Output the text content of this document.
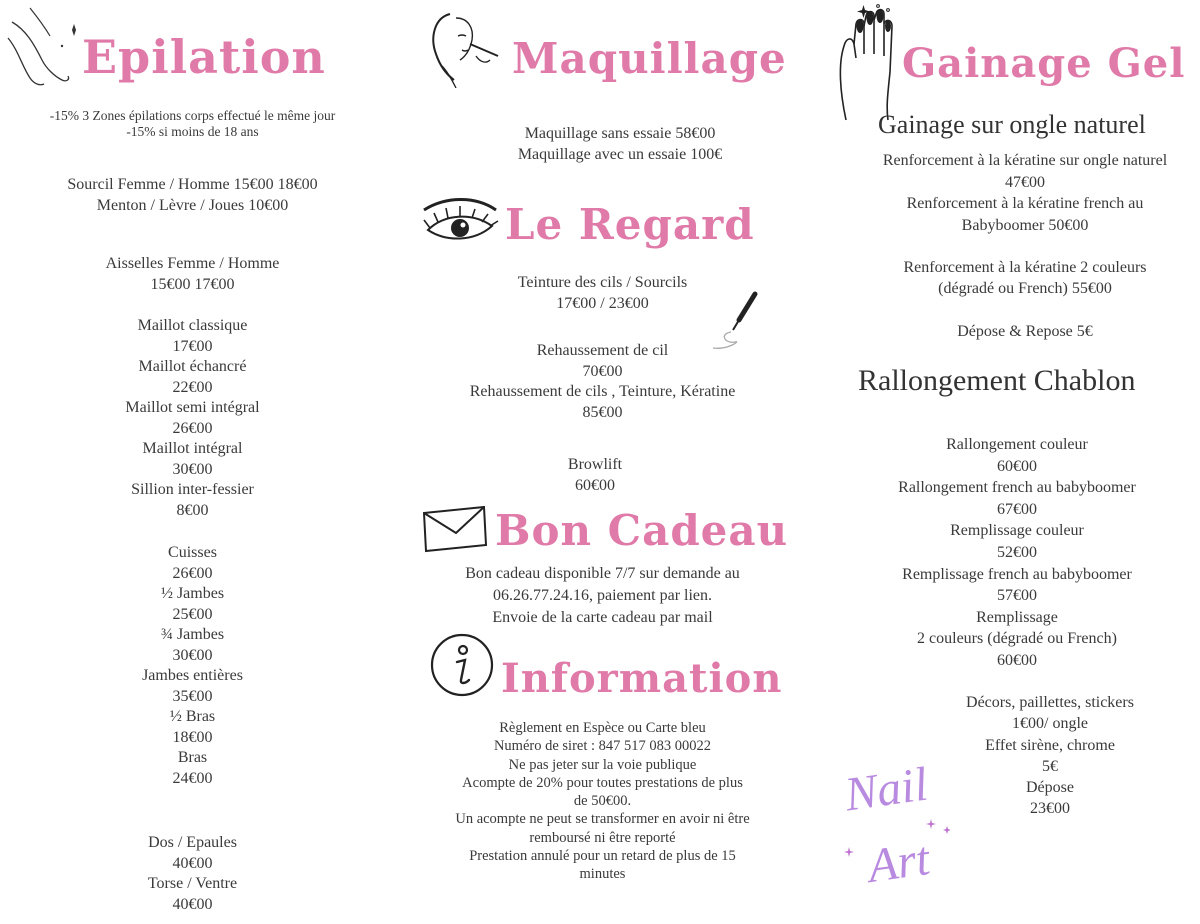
Epilation
-15% 3 Zones épilations corps effectué le même jour
-15% si moins de 18 ans
Sourcil Femme / Homme 15€00 18€00
Menton / Lèvre / Joues 10€00
Aisselles Femme / Homme
15€00 17€00
Maillot classique
17€00
Maillot échancré
22€00
Maillot semi intégral
26€00
Maillot intégral
30€00
Sillion inter-fessier
8€00
Cuisses
26€00
½ Jambes
25€00
¾ Jambes
30€00
Jambes entières
35€00
½ Bras
18€00
Bras
24€00
Dos / Epaules
40€00
Torse / Ventre
40€00
Maquillage
Maquillage sans essaie 58€00
Maquillage avec un essaie 100€
Le Regard
Teinture des cils / Sourcils
17€00 / 23€00
Rehaussement de cil
70€00
Rehaussement de cils , Teinture, Kératine
85€00
Browlift
60€00
Bon Cadeau
Bon cadeau disponible 7/7 sur demande au
06.26.77.24.16, paiement par lien.
Envoie de la carte cadeau par mail
Information
Règlement en Espèce ou Carte bleu
Numéro de siret : 847 517 083 00022
Ne pas jeter sur la voie publique
Acompte de 20% pour toutes prestations de plus
de 50€00.
Un acompte ne peut se transformer en avoir ni être
remboursé ni être reporté
Prestation annulé pour un retard de plus de 15
minutes
Gainage Gel
Gainage sur ongle naturel
Renforcement à la kératine sur ongle naturel
47€00
Renforcement à la kératine french au
Babyboomer 50€00
Renforcement à la kératine 2 couleurs
(dégradé ou French) 55€00
Dépose & Repose 5€
Rallongement Chablon
Rallongement couleur
60€00
Rallongement french au babyboomer
67€00
Remplissage couleur
52€00
Remplissage french au babyboomer
57€00
Remplissage
2 couleurs (dégradé ou French)
60€00
Décors, paillettes, stickers
1€00/ ongle
Effet sirène, chrome
5€
Dépose
23€00
Nail
Art
